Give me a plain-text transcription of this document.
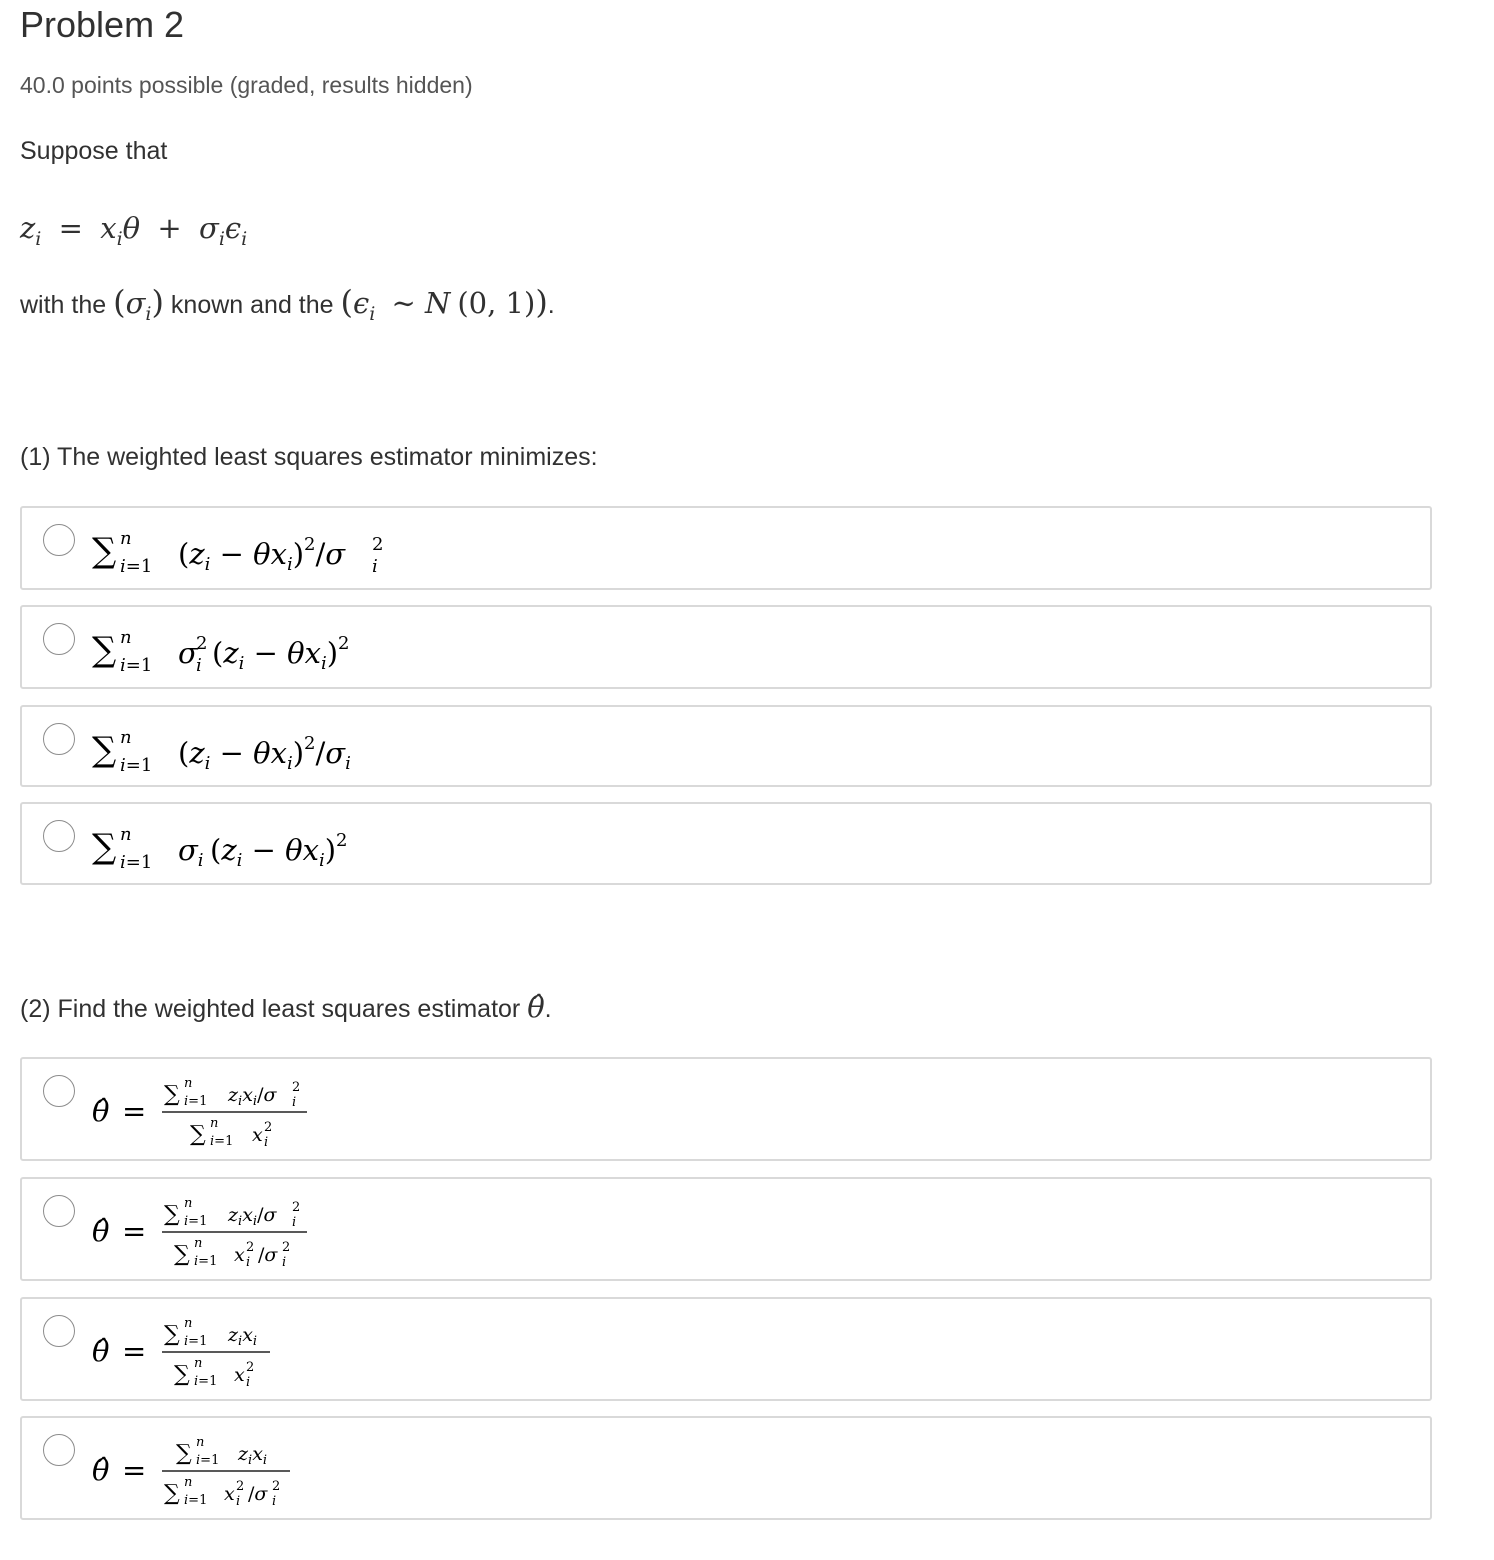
Problem 2
40.0 points possible (graded, results hidden)
Suppose that
$z_i = x_i\theta + \sigma_i\epsilon_i$
with the $(\sigma_i)$ known and the ($\epsilon_i$  ∼ N (0, 1)).
(1) The weighted least squares estimator minimizes:
∑ n
i=1 $(z_i - \theta x_i)^2/\sigma$ 2
i
∑ n
i=1 σ
2
i $(z_i - \theta x_i)^2$
∑ n
i=1 $(z_i - \theta x_i)^2/\sigma_i$
∑ n
i=1 $\sigma_i$ $(z_i - \theta x_i)^2$
(2) Find the weighted least squares estimator θ̂.
θ̂ = ∑ n
i=1 $z_ix_i/\sigma$ 2
i
∑ n
i=1 x 2
i
θ̂ = ∑ n
i=1 $z_ix_i/\sigma$ 2
i
∑ n
i=1 x 2
i /σ 2
i
θ̂ = ∑ n
i=1 $z_ix_i$
∑ n
i=1 x 2
i
θ̂ = ∑ n
i=1 $z_ix_i$
∑ n
i=1 x 2
i /σ 2
i
